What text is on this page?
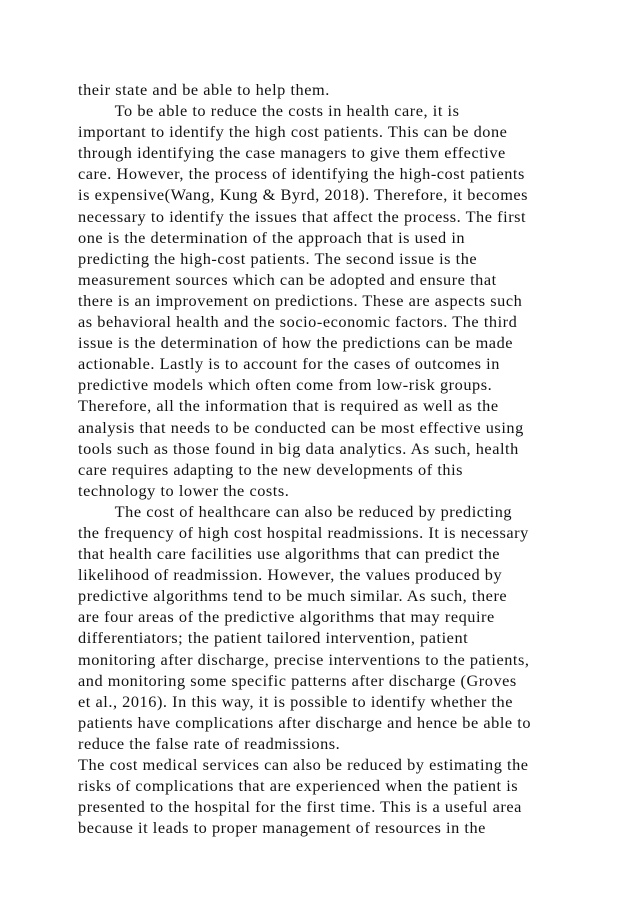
their state and be able to help them.
To be able to reduce the costs in health care, it is
important to identify the high cost patients. This can be done
through identifying the case managers to give them effective
care. However, the process of identifying the high-cost patients
is expensive(Wang, Kung & Byrd, 2018). Therefore, it becomes
necessary to identify the issues that affect the process. The first
one is the determination of the approach that is used in
predicting the high-cost patients. The second issue is the
measurement sources which can be adopted and ensure that
there is an improvement on predictions. These are aspects such
as behavioral health and the socio-economic factors. The third
issue is the determination of how the predictions can be made
actionable. Lastly is to account for the cases of outcomes in
predictive models which often come from low-risk groups.
Therefore, all the information that is required as well as the
analysis that needs to be conducted can be most effective using
tools such as those found in big data analytics. As such, health
care requires adapting to the new developments of this
technology to lower the costs.
The cost of healthcare can also be reduced by predicting
the frequency of high cost hospital readmissions. It is necessary
that health care facilities use algorithms that can predict the
likelihood of readmission. However, the values produced by
predictive algorithms tend to be much similar. As such, there
are four areas of the predictive algorithms that may require
differentiators; the patient tailored intervention, patient
monitoring after discharge, precise interventions to the patients,
and monitoring some specific patterns after discharge (Groves
et al., 2016). In this way, it is possible to identify whether the
patients have complications after discharge and hence be able to
reduce the false rate of readmissions.
The cost medical services can also be reduced by estimating the
risks of complications that are experienced when the patient is
presented to the hospital for the first time. This is a useful area
because it leads to proper management of resources in the
